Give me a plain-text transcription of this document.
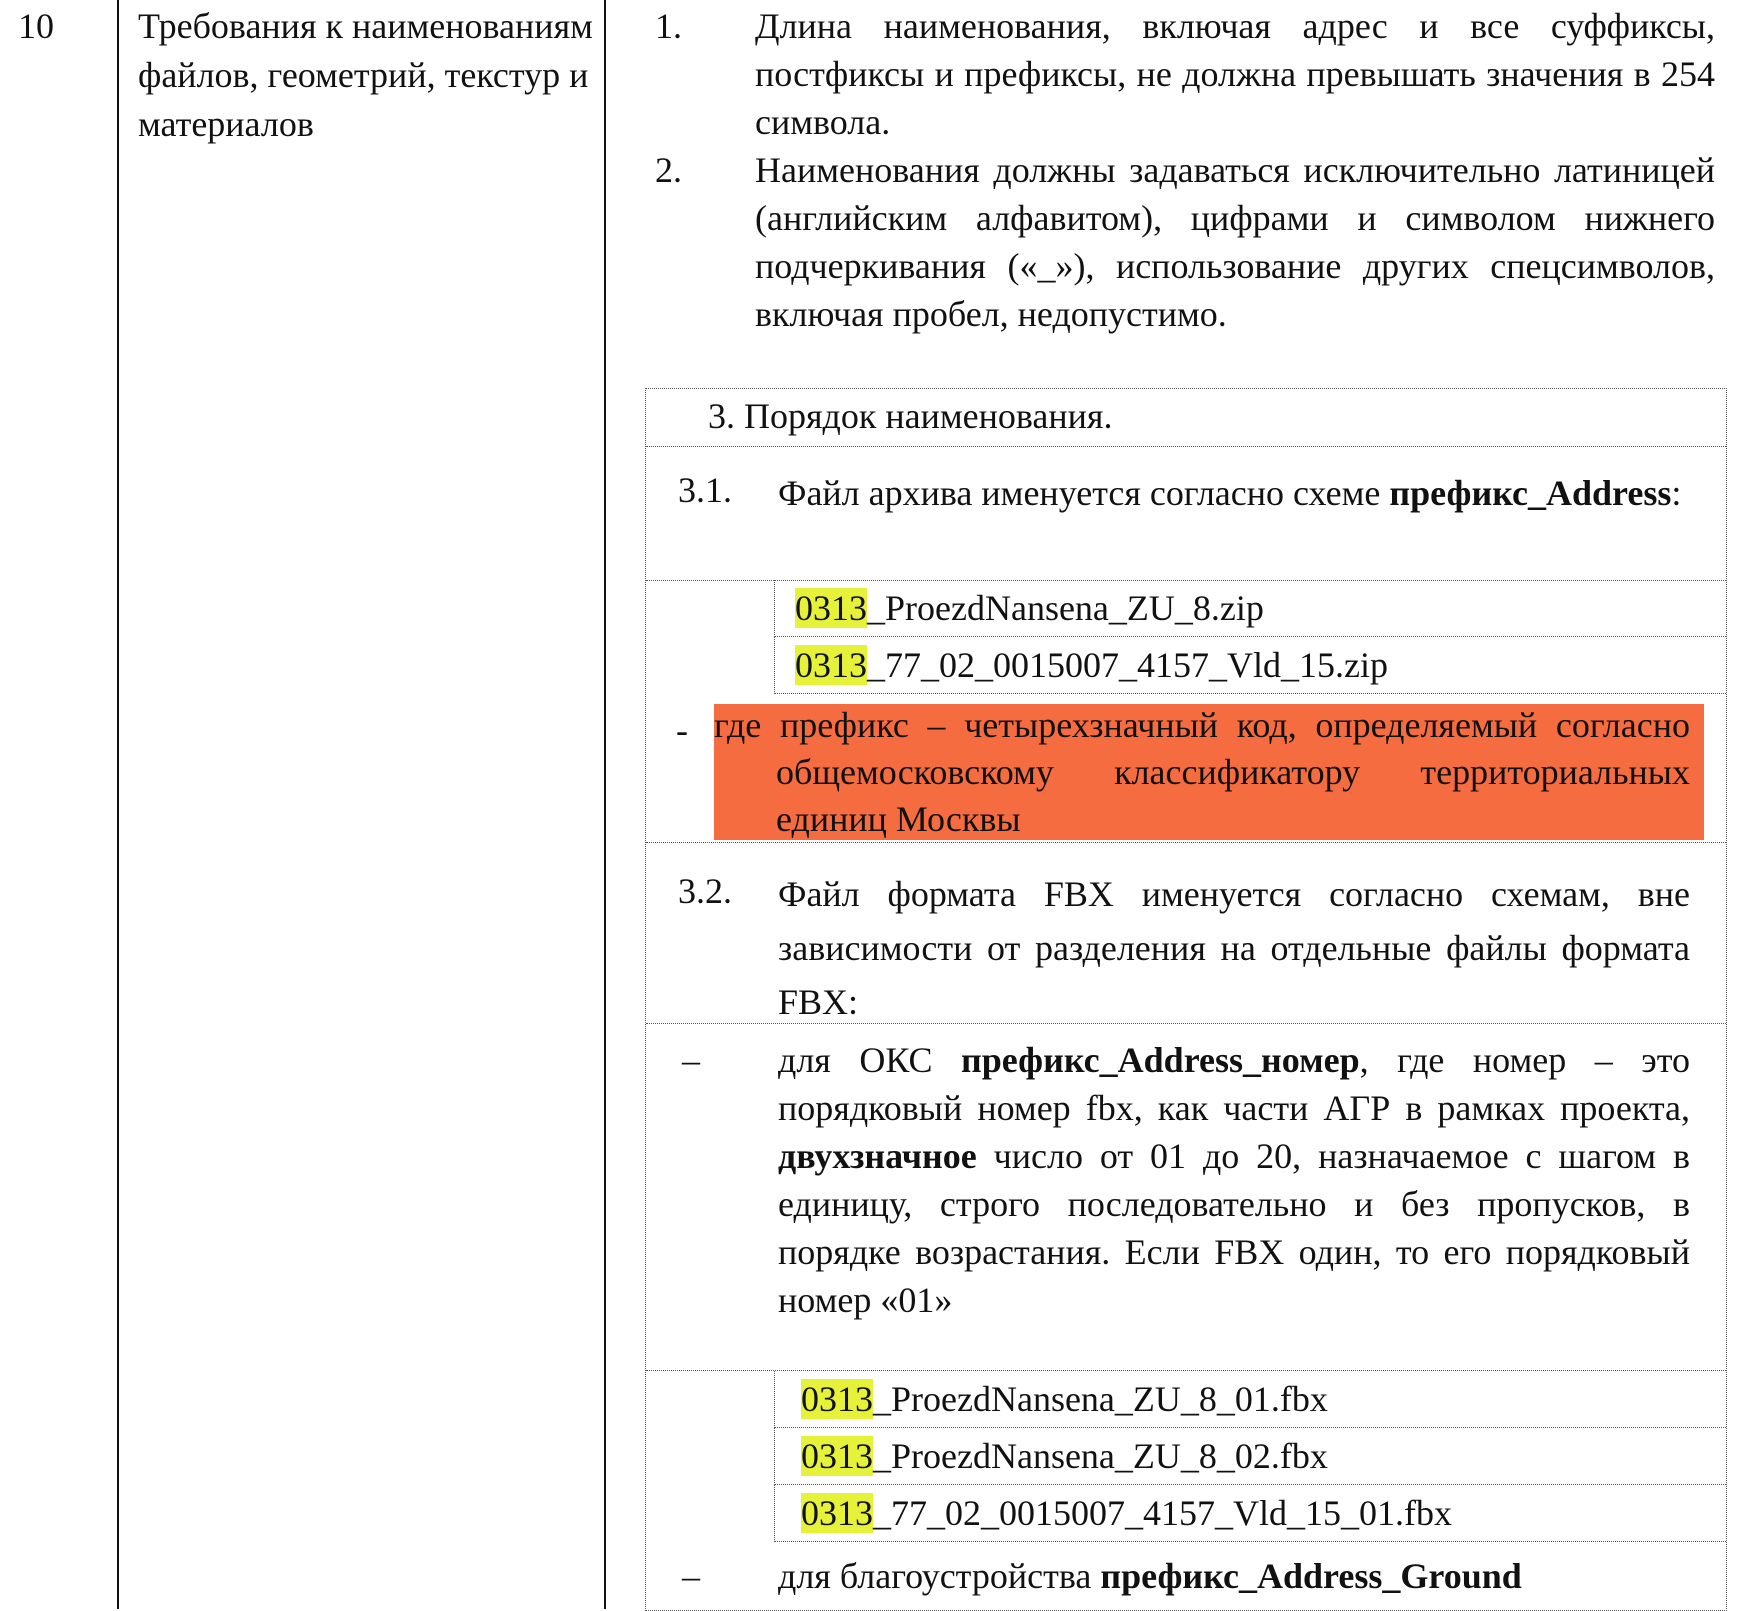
10 Требования к наименованиям файлов, геометрий, текстур и материалов
1. Длина наименования, включая адрес и все суффиксы, постфиксы и префиксы, не должна превышать значения в 254 символа.
2. Наименования должны задаваться исключительно латиницей (английским алфавитом), цифрами и символом нижнего подчеркивания («_»), использование других спецсимволов, включая пробел, недопустимо.
3. Порядок наименования.
3.1. Файл архива именуется согласно схеме префикс_Address:
0313_ProezdNansena_ZU_8.zip
0313_77_02_0015007_4157_Vld_15.zip
- где префикс – четырехзначный код, определяемый согласно общемосковскому классификатору территориальных единиц Москвы
3.2. Файл формата FBX именуется согласно схемам, вне зависимости от разделения на отдельные файлы формата FBX:
– для ОКС префикс_Address_номер, где номер – это порядковый номер fbx, как части АГР в рамках проекта, двухзначное число от 01 до 20, назначаемое с шагом в единицу, строго последовательно и без пропусков, в порядке возрастания. Если FBX один, то его порядковый номер «01»
0313_ProezdNansena_ZU_8_01.fbx
0313_ProezdNansena_ZU_8_02.fbx
0313_77_02_0015007_4157_Vld_15_01.fbx
– для благоустройства префикс_Address_Ground
